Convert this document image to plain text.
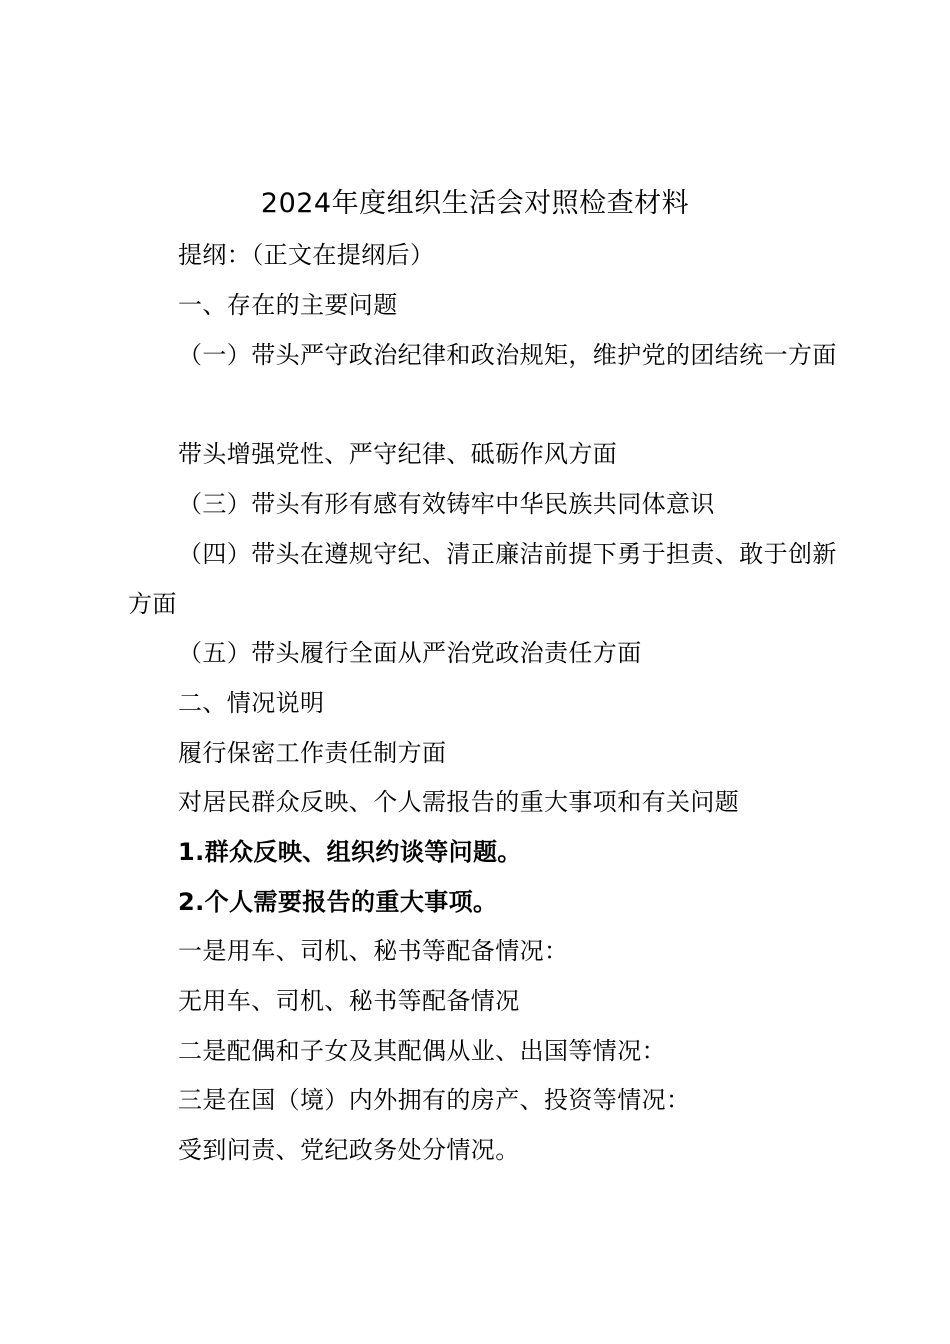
2024年度组织生活会对照检查材料
提纲：（正文在提纲后）
一、存在的主要问题
（一）带头严守政治纪律和政治规矩，维护党的团结统一方面
带头增强党性、严守纪律、砥砺作风方面
（三）带头有形有感有效铸牢中华民族共同体意识
（四）带头在遵规守纪、清正廉洁前提下勇于担责、敢于创新方面
（五）带头履行全面从严治党政治责任方面
二、情况说明
履行保密工作责任制方面
对居民群众反映、个人需报告的重大事项和有关问题
1.群众反映、组织约谈等问题。
2.个人需要报告的重大事项。
一是用车、司机、秘书等配备情况：
无用车、司机、秘书等配备情况
二是配偶和子女及其配偶从业、出国等情况：
三是在国（境）内外拥有的房产、投资等情况：
受到问责、党纪政务处分情况。
